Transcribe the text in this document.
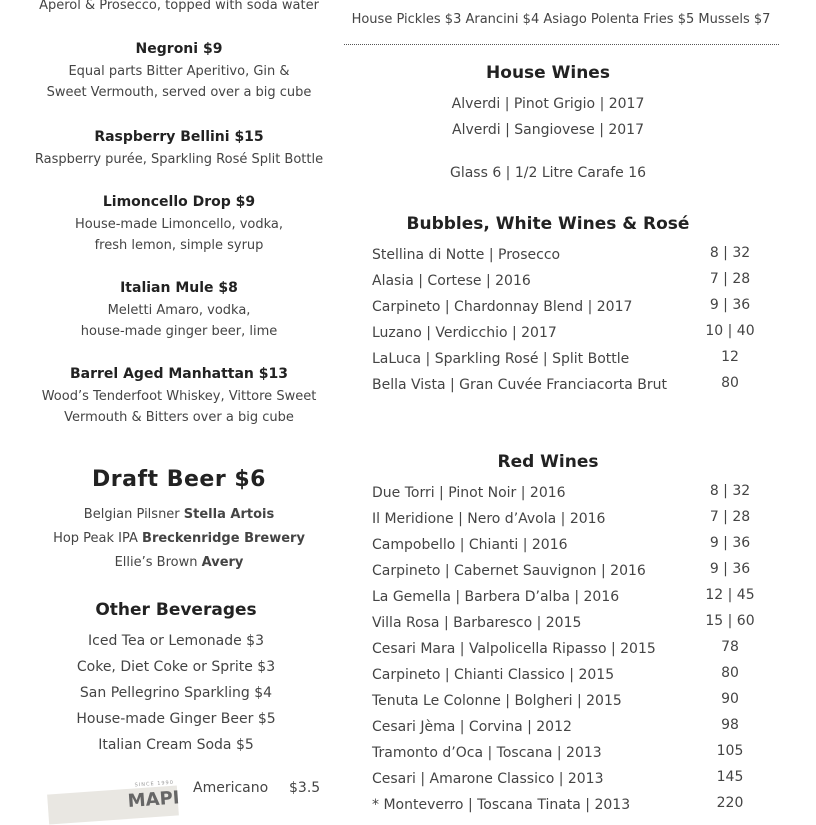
Aperol & Prosecco, topped with soda water
Negroni $9
Equal parts Bitter Aperitivo, Gin &
Sweet Vermouth, served over a big cube
Raspberry Bellini $15
Raspberry purée, Sparkling Rosé Split Bottle
Limoncello Drop $9
House-made Limoncello, vodka,
fresh lemon, simple syrup
Italian Mule $8
Meletti Amaro, vodka,
house-made ginger beer, lime
Barrel Aged Manhattan $13
Wood’s Tenderfoot Whiskey, Vittore Sweet
Vermouth & Bitters over a big cube
Draft Beer $6
Belgian Pilsner Stella Artois
Hop Peak IPA Breckenridge Brewery
Ellie’s Brown Avery
Other Beverages
Iced Tea or Lemonade $3
Coke, Diet Coke or Sprite $3
San Pellegrino Sparkling $4
House-made Ginger Beer $5
Italian Cream Soda $5
SINCE 1990
MAPI Americano $3.5
House Pickles $3 Arancini $4 Asiago Polenta Fries $5 Mussels $7
House Wines
Alverdi | Pinot Grigio | 2017
Alverdi | Sangiovese | 2017
Glass 6 | 1/2 Litre Carafe 16
Bubbles, White Wines & Rosé
Stellina di Notte | Prosecco	8 | 32
Alasia | Cortese | 2016	7 | 28
Carpineto | Chardonnay Blend | 2017	9 | 36
Luzano | Verdicchio | 2017	10 | 40
LaLuca | Sparkling Rosé | Split Bottle	12
Bella Vista | Gran Cuvée Franciacorta Brut	80
Red Wines
Due Torri | Pinot Noir | 2016	8 | 32
Il Meridione | Nero d’Avola | 2016	7 | 28
Campobello | Chianti | 2016	9 | 36
Carpineto | Cabernet Sauvignon | 2016	9 | 36
La Gemella | Barbera D’alba | 2016	12 | 45
Villa Rosa | Barbaresco | 2015	15 | 60
Cesari Mara | Valpolicella Ripasso | 2015	78
Carpineto | Chianti Classico | 2015	80
Tenuta Le Colonne | Bolgheri | 2015	90
Cesari Jèma | Corvina | 2012	98
Tramonto d’Oca | Toscana | 2013	105
Cesari | Amarone Classico | 2013	145
* Monteverro | Toscana Tinata | 2013	220
